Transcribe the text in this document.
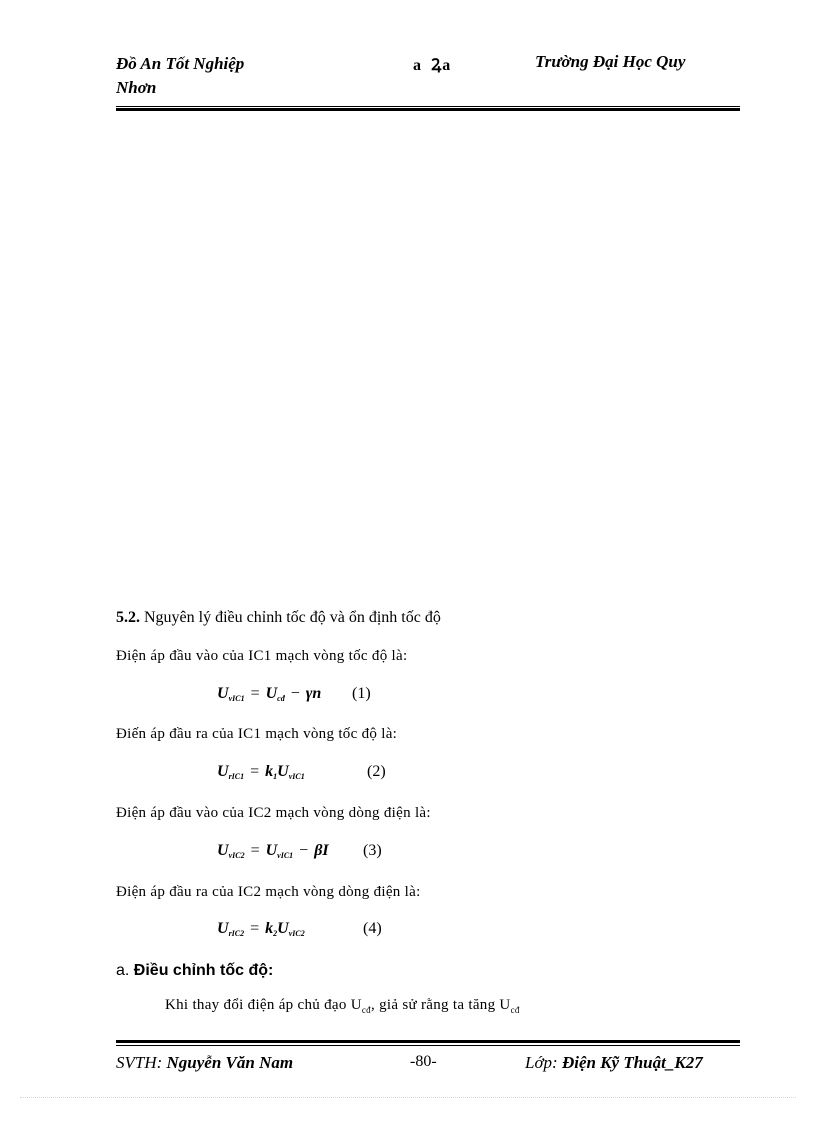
Đồ An Tốt Nghiệp
Nhơn
a Ꝝa	Trường Đại Học Quy
5.2. Nguyên lý điều chỉnh tốc độ và ổn định tốc độ
Điện áp đầu vào của IC1 mạch vòng tốc độ là:
$U_{vIC1} = U_{cđ} - \gamma n$ (1)
Điến áp đầu ra của IC1 mạch vòng tốc độ là:
$U_{rIC1} = k_1U_{vIC1}$	(2)
Điện áp đầu vào của IC2 mạch vòng dòng điện là:
$U_{vIC2} = U_{vIC1} - \beta I$ (3)
Điện áp đầu ra của IC2 mạch vòng dòng điện là:
$U_{rIC2} = k_2U_{vIC2}$	(4)
a. Điều chỉnh tốc độ:
Khi thay đổi điện áp chủ đạo $U_{cđ}$, giả sử rằng ta tăng $U_{cđ}$
SVTH: Nguyễn Văn Nam	-80-	Lớp: Điện Kỹ Thuật_K27
